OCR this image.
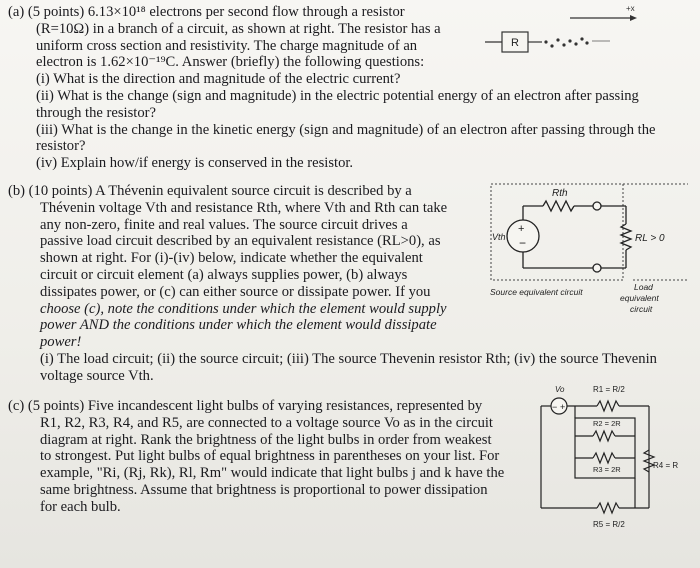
(a) (5 points) 6.13×10¹⁸ electrons per second flow through a resistor
(R=10Ω) in a branch of a circuit, as shown at right. The resistor has a
uniform cross section and resistivity. The charge magnitude of an
electron is 1.62×10⁻¹⁹C. Answer (briefly) the following questions:
(i) What is the direction and magnitude of the electric current?
(ii) What is the change (sign and magnitude) in the electric potential energy of an electron after passing
through the resistor?
(iii) What is the change in the kinetic energy (sign and magnitude) of an electron after passing through the
resistor?
(iv) Explain how/if energy is conserved in the resistor.
+x
R
(b) (10 points) A Thévenin equivalent source circuit is described by a
Thévenin voltage Vth and resistance Rth, where Vth and Rth can take
any non-zero, finite and real values. The source circuit drives a
passive load circuit described by an equivalent resistance (RL>0), as
shown at right. For (i)-(iv) below, indicate whether the equivalent
circuit or circuit element (a) always supplies power, (b) always
dissipates power, or (c) can either source or dissipate power. If you
choose (c), note the conditions under which the element would supply
power AND the conditions under which the element would dissipate
power!
(i) The load circuit; (ii) the source circuit; (iii) The source Thevenin resistor Rth; (iv) the source Thevenin
voltage source Vth.
Rth
+
−
Vth	RL > 0
Source equivalent circuit	Load
equivalent
circuit
(c) (5 points) Five incandescent light bulbs of varying resistances, represented by
R1, R2, R3, R4, and R5, are connected to a voltage source Vo as in the circuit
diagram at right. Rank the brightness of the light bulbs in order from weakest
to strongest. Put light bulbs of equal brightness in parentheses on your list. For
example, "Ri, (Rj, Rk), Rl, Rm" would indicate that light bulbs j and k have the
same brightness. Assume that brightness is proportional to power dissipation
for each bulb.
Vo	R1 = R/2
− +
R5 = R/2
R2 = 2R
R3 = 2R	R4 = R
